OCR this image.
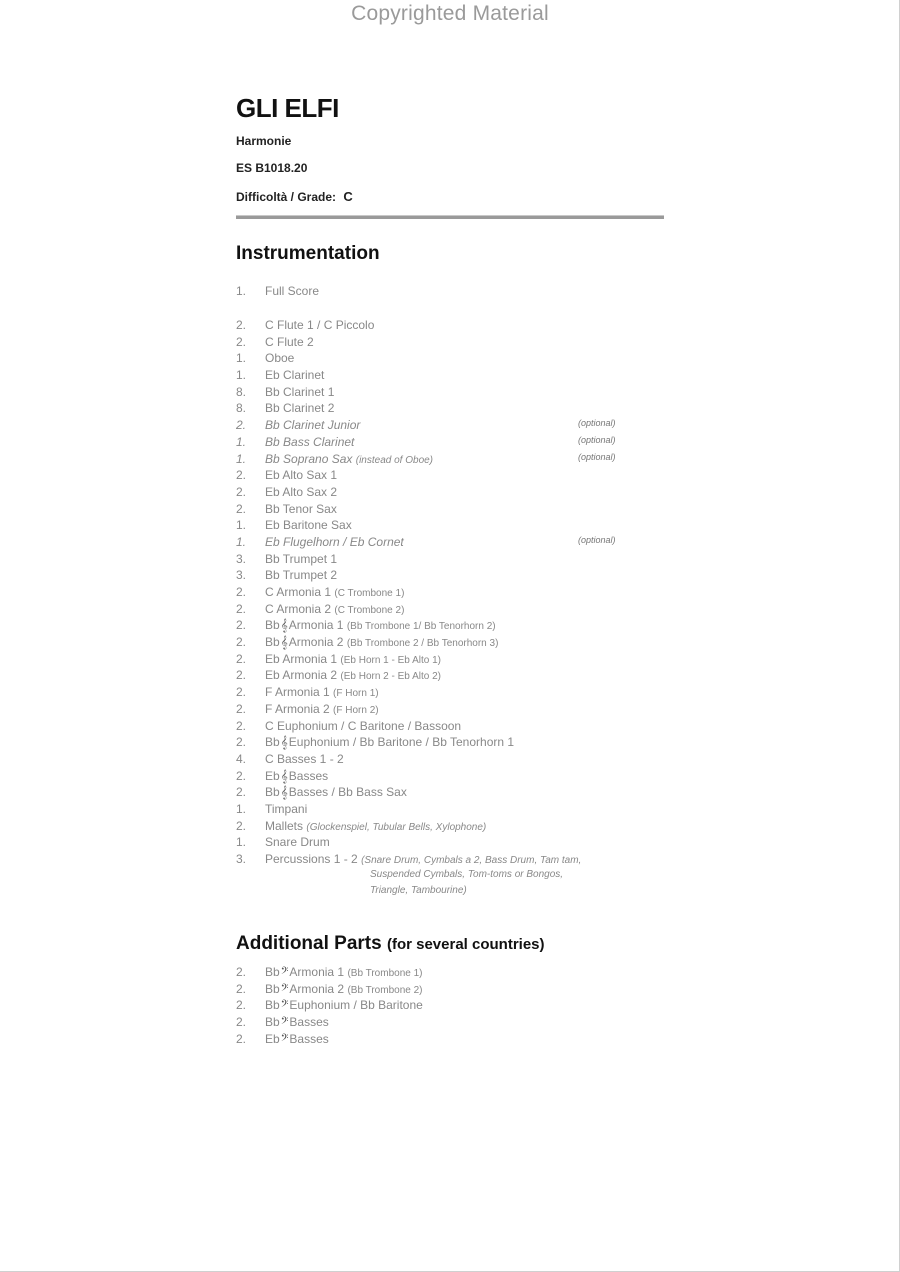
Copyrighted Material
GLI ELFI
Harmonie
ES B1018.20
Difficoltà / Grade: C
Instrumentation
1.	Full Score
2.	C Flute 1 / C Piccolo
2.	C Flute 2
1.	Oboe
1.	Eb Clarinet
8.	Bb Clarinet 1
8.	Bb Clarinet 2
2.	Bb Clarinet Junior	(optional)
1.	Bb Bass Clarinet	(optional)
1.	Bb Soprano Sax (instead of Oboe)	(optional)
2.	Eb Alto Sax 1
2.	Eb Alto Sax 2
2.	Bb Tenor Sax
1.	Eb Baritone Sax
1.	Eb Flugelhorn / Eb Cornet	(optional)
3.	Bb Trumpet 1
3.	Bb Trumpet 2
2.	C Armonia 1 (C Trombone 1)
2.	C Armonia 2 (C Trombone 2)
2.	Bb𝄞Armonia 1 (Bb Trombone 1/ Bb Tenorhorn 2)
2.	Bb𝄞Armonia 2 (Bb Trombone 2 / Bb Tenorhorn 3)
2.	Eb Armonia 1 (Eb Horn 1 - Eb Alto 1)
2.	Eb Armonia 2 (Eb Horn 2 - Eb Alto 2)
2.	F Armonia 1 (F Horn 1)
2.	F Armonia 2 (F Horn 2)
2.	C Euphonium / C Baritone / Bassoon
2.	Bb𝄞Euphonium / Bb Baritone / Bb Tenorhorn 1
4.	C Basses 1 - 2
2.	Eb𝄞Basses
2.	Bb𝄞Basses / Bb Bass Sax
1.	Timpani
2.	Mallets (Glockenspiel, Tubular Bells, Xylophone)
1.	Snare Drum
3.	Percussions 1 - 2 (Snare Drum, Cymbals a 2, Bass Drum, Tam tam,
Suspended Cymbals, Tom-toms or Bongos,
Triangle, Tambourine)
Additional Parts (for several countries)
2.	Bb𝄢Armonia 1 (Bb Trombone 1)
2.	Bb𝄢Armonia 2 (Bb Trombone 2)
2.	Bb𝄢Euphonium / Bb Baritone
2.	Bb𝄢Basses
2.	Eb𝄢Basses
